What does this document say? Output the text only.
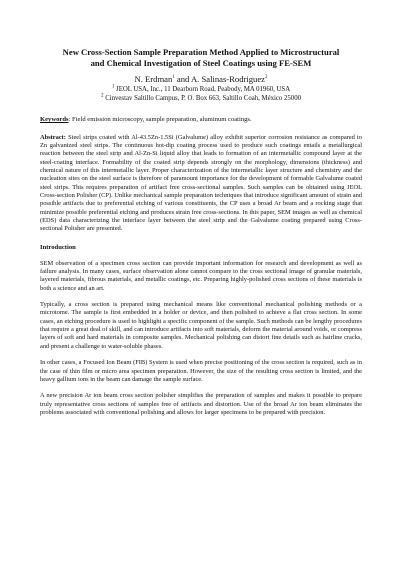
New Cross-Section Sample Preparation Method Applied to Microstructural
and Chemical Investigation of Steel Coatings using FE-SEM

N. Erdman$^1$ and A. Salinas-Rodriguez$^2$

$^1$ JEOL USA, Inc., 11 Dearborn Road, Peabody, MA 01960, USA

$^2$ Cinvestav Saltillo Campus, P. O. Box 663, Saltillo Coah, México 25000

Keywords: Field emission microscopy, sample preparation, aluminum coatings.

Abstract: Steel strips coated with Al-43.5Zn-1.5Si (Galvalume) alloy exhibit superior corrosion resistance as compared to Zn galvanized steel strips. The continuous hot-dip coating process used to produce such coatings entails a metallurgical reaction between the steel strip and Al-Zn-Si liquid alloy that leads to formation of an intermetallic compound layer at the steel-coating interface. Formability of the coated strip depends strongly on the morphology, dimensions (thickness) and chemical nature of this intermetallic layer. Proper characterization of the intermetallic layer structure and chemistry and the nucleation sites on the steel surface is therefore of paramount importance for the development of formable Galvalume coated steel strips. This requires preparation of artifact free cross-sectional samples. Such samples can be obtained using JEOL Cross-section Polisher (CP). Unlike mechanical sample preparation techniques that introduce significant amount of strain and possible artifacts due to preferential etching of various constituents, the CP uses a broad Ar beam and a rocking stage that minimize possible preferential etching and produces strain free cross-sections. In this paper, SEM images as well as chemical (EDS) data characterizing the interface layer between the steel strip and the Galvalume coating prepared using Cross-sectional Polisher are presented.

Introduction

SEM observation of a specimen cross section can provide important information for research and development as well as failure analysis. In many cases, surface observation alone cannot compare to the cross sectional image of granular materials, layered materials, fibrous materials, and metallic coatings, etc. Preparing highly-polished cross sections of these materials is both a science and an art.

Typically, a cross section is prepared using mechanical means like conventional mechanical polishing methods or a microtome. The sample is first embedded in a holder or device, and then polished to achieve a flat cross section. In some cases, an etching procedure is used to highlight a specific component of the sample. Such methods can be lengthy procedures that require a great deal of skill, and can introduce artifacts into soft materials, deform the material around voids, or compress layers of soft and hard materials in composite samples. Mechanical polishing can distort fine details such as hairline cracks, and present a challenge to water-soluble phases.

In other cases, a Focused Ion Beam (FIB) System is used when precise positioning of the cross section is required, such as in the case of thin film or micro area specimen preparation. However, the size of the resulting cross section is limited, and the heavy gallium ions in the beam can damage the sample surface.

A new precision Ar ion beam cross section polisher simplifies the preparation of samples and makes it possible to prepare truly representative cross sections of samples free of artifacts and distortion. Use of the broad Ar ion beam eliminates the problems associated with conventional polishing and allows for larger specimens to be prepared with precision.
